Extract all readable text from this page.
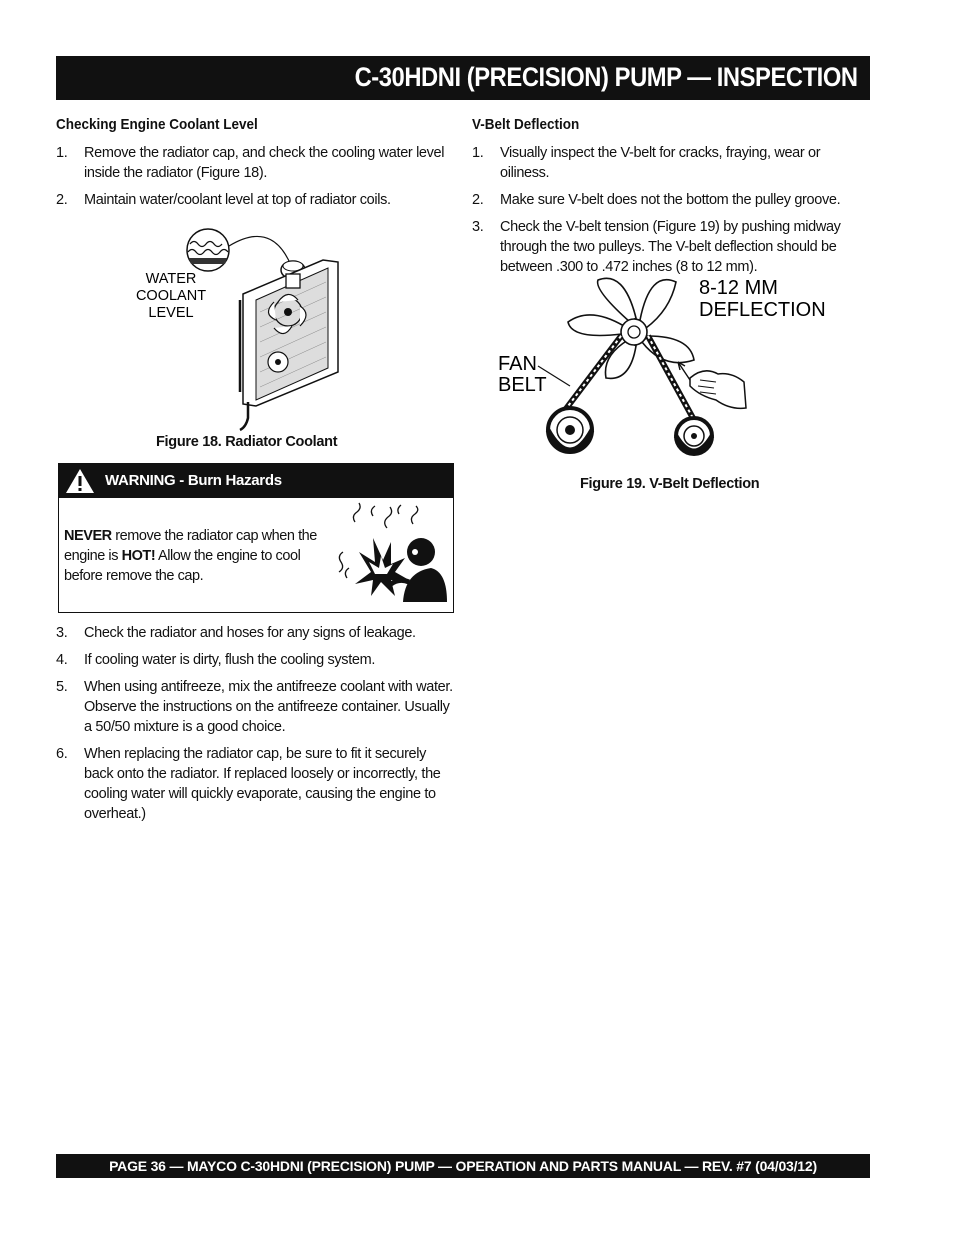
C-30HDNI (PRECISION) PUMP — INSPECTION
Checking Engine Coolant Level
1. Remove the radiator cap, and check the cooling water level inside the radiator (Figure 18).
2. Maintain water/coolant level at top of radiator coils.
WATER
COOLANT
LEVEL
Figure 18. Radiator Coolant
WARNING - Burn Hazards
NEVER remove the radiator cap when the engine is HOT! Allow the engine to cool before remove the cap.
3. Check the radiator and hoses for any signs of leakage.
4. If cooling water is dirty, flush the cooling system.
5. When using antifreeze, mix the antifreeze coolant with water. Observe the instructions on the antifreeze container. Usually a 50/50 mixture is a good choice.
6. When replacing the radiator cap, be sure to fit it securely back onto the radiator. If replaced loosely or incorrectly, the cooling water will quickly evaporate, causing the engine to overheat.)
V-Belt Deflection
1. Visually inspect the V-belt for cracks, fraying, wear or oiliness.
2. Make sure V-belt does not the bottom the pulley groove.
3. Check the V-belt tension (Figure 19) by pushing midway through the two pulleys. The V-belt deflection should be between .300 to .472 inches (8 to 12 mm).
8-12 MM
DEFLECTION
FAN
BELT
Figure 19. V-Belt Deflection
PAGE 36 — MAYCO C-30HDNI (PRECISION) PUMP — OPERATION AND PARTS MANUAL — REV. #7 (04/03/12)
